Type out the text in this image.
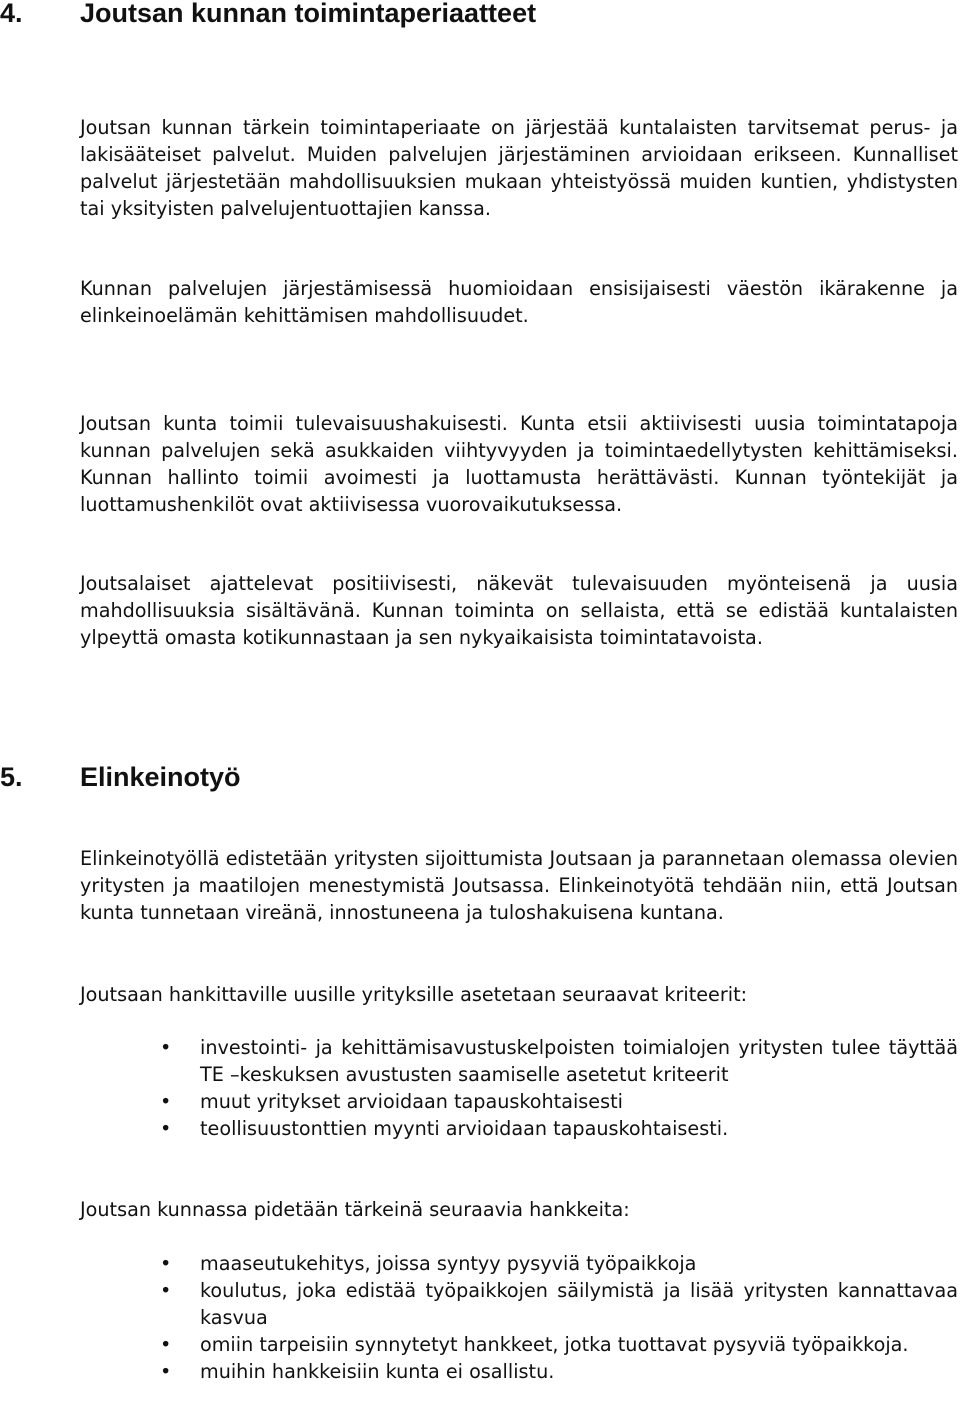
4. Joutsan kunnan toimintaperiaatteet

Joutsan kunnan tärkein toimintaperiaate on järjestää kuntalaisten tarvitsemat perus- ja lakisääteiset palvelut. Muiden palvelujen järjestäminen arvioidaan erikseen. Kunnalliset palvelut järjestetään mahdollisuuksien mukaan yhteistyössä muiden kuntien, yhdistysten tai yksityisten palvelujentuottajien kanssa.

Kunnan palvelujen järjestämisessä huomioidaan ensisijaisesti väestön ikärakenne ja elinkeinoelämän kehittämisen mahdollisuudet.

Joutsan kunta toimii tulevaisuushakuisesti. Kunta etsii aktiivisesti uusia toimintatapoja kunnan palvelujen sekä asukkaiden viihtyvyyden ja toimintaedellytysten kehittämiseksi. Kunnan hallinto toimii avoimesti ja luottamusta herättävästi. Kunnan työntekijät ja luottamushenkilöt ovat aktiivisessa vuorovaikutuksessa.

Joutsalaiset ajattelevat positiivisesti, näkevät tulevaisuuden myönteisenä ja uusia mahdollisuuksia sisältävänä. Kunnan toiminta on sellaista, että se edistää kuntalaisten ylpeyttä omasta kotikunnastaan ja sen nykyaikaisista toimintatavoista.

5. Elinkeinotyö

Elinkeinotyöllä edistetään yritysten sijoittumista Joutsaan ja parannetaan olemassa olevien yritysten ja maatilojen menestymistä Joutsassa. Elinkeinotyötä tehdään niin, että Joutsan kunta tunnetaan vireänä, innostuneena ja tuloshakuisena kuntana.

Joutsaan hankittaville uusille yrityksille asetetaan seuraavat kriteerit:

• investointi- ja kehittämisavustuskelpoisten toimialojen yritysten tulee täyttää TE –keskuksen avustusten saamiselle asetetut kriteerit
• muut yritykset arvioidaan tapauskohtaisesti
• teollisuustonttien myynti arvioidaan tapauskohtaisesti.

Joutsan kunnassa pidetään tärkeinä seuraavia hankkeita:

• maaseutukehitys, joissa syntyy pysyviä työpaikkoja
• koulutus, joka edistää työpaikkojen säilymistä ja lisää yritysten kannattavaa kasvua
• omiin tarpeisiin synnytetyt hankkeet, jotka tuottavat pysyviä työpaikkoja.
• muihin hankkeisiin kunta ei osallistu.
